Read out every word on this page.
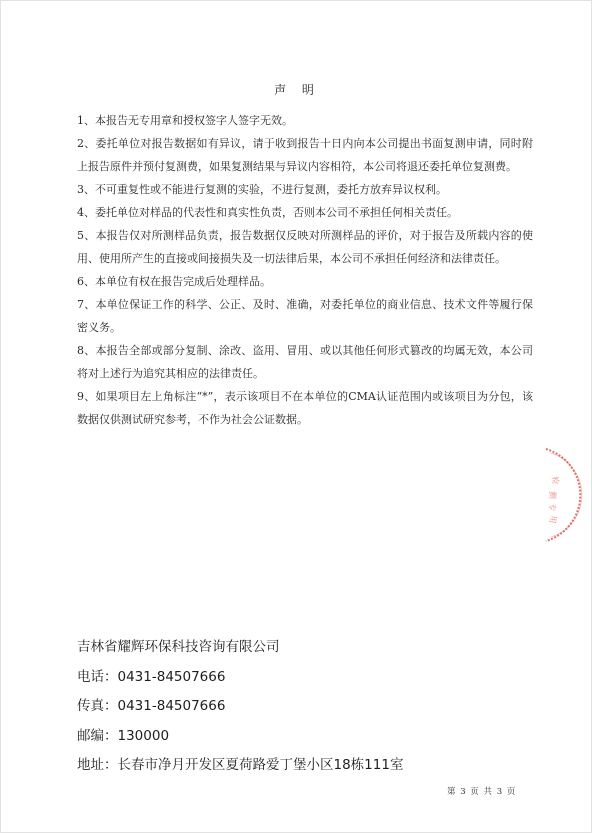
声 明

1、本报告无专用章和授权签字人签字无效。

2、委托单位对报告数据如有异议，请于收到报告十日内向本公司提出书面复测申请，同时附上报告原件并预付复测费，如果复测结果与异议内容相符，本公司将退还委托单位复测费。

3、不可重复性或不能进行复测的实验，不进行复测，委托方放弃异议权利。

4、委托单位对样品的代表性和真实性负责，否则本公司不承担任何相关责任。

5、本报告仅对所测样品负责，报告数据仅反映对所测样品的评价，对于报告及所载内容的使用、使用所产生的直接或间接损失及一切法律后果，本公司不承担任何经济和法律责任。

6、本单位有权在报告完成后处理样品。

7、本单位保证工作的科学、公正、及时、准确，对委托单位的商业信息、技术文件等履行保密义务。

8、本报告全部或部分复制、涂改、盗用、冒用、或以其他任何形式篡改的均属无效，本公司将对上述行为追究其相应的法律责任。

9、如果项目左上角标注“*”，表示该项目不在本单位的CMA认证范围内或该项目为分包，该数据仅供测试研究参考，不作为社会公证数据。

检
测
专
用
吉林省耀辉环保科技咨询有限公司
电话：0431-84507666
传真：0431-84507666
邮编：130000
地址：长春市净月开发区夏荷路爱丁堡小区18栋111室
第 3 页 共 3 页
